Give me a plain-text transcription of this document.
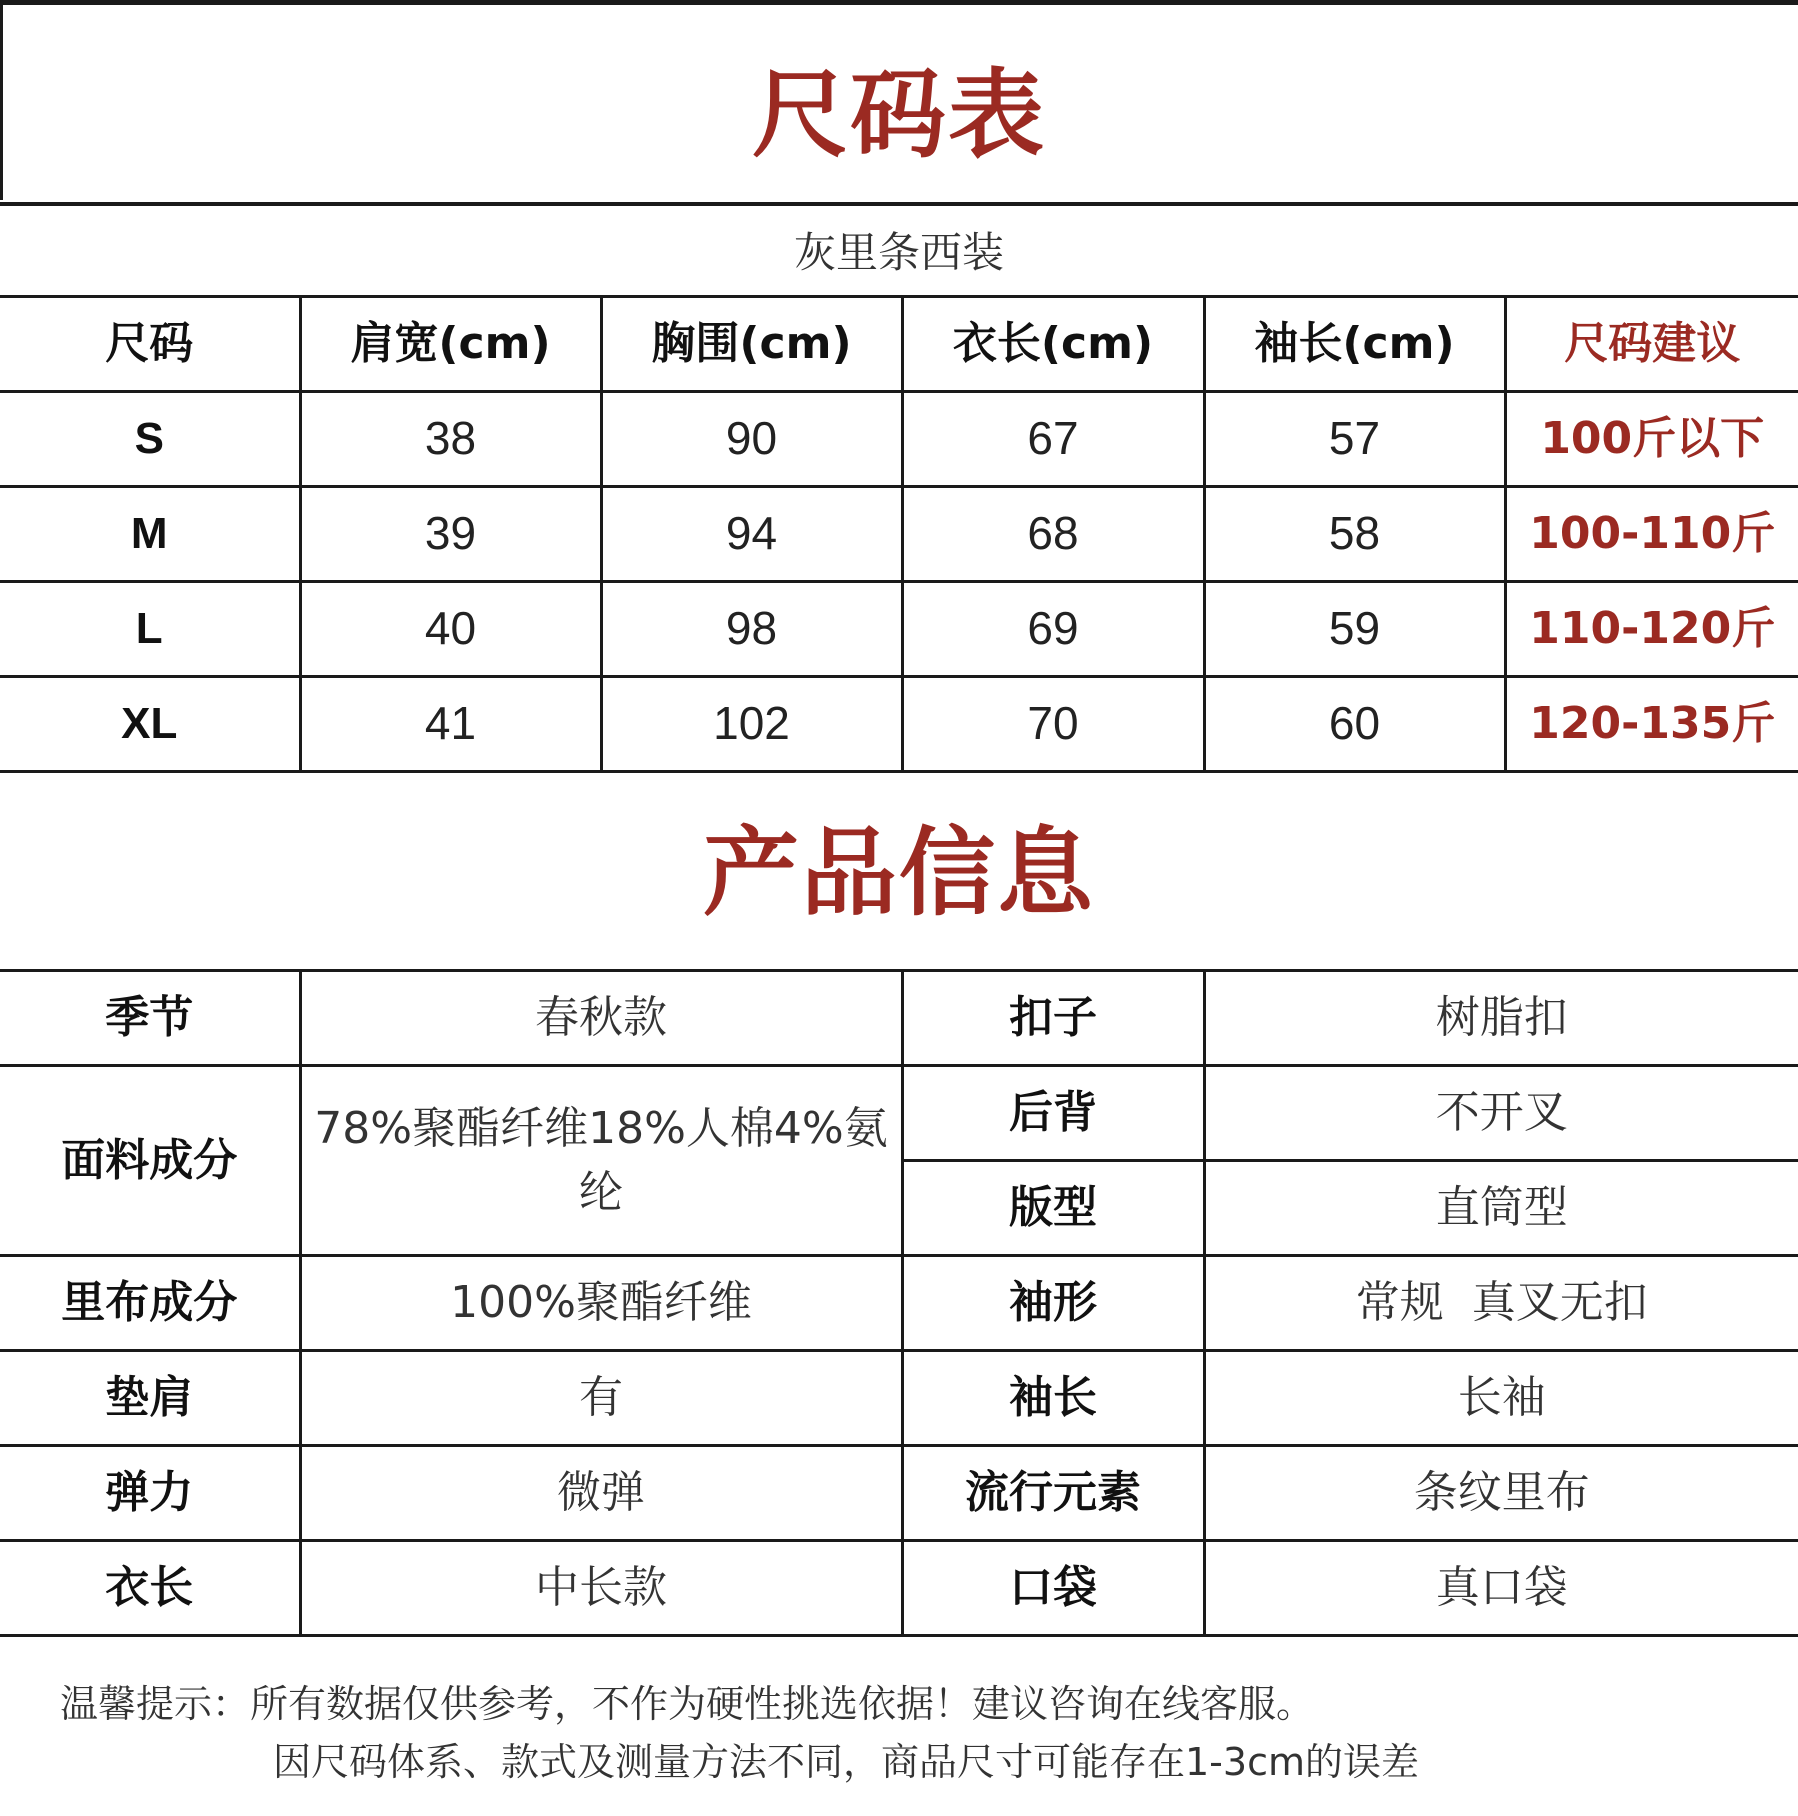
尺码表
灰里条西装
尺码	肩宽(cm)	胸围(cm)	衣长(cm)	袖长(cm)	尺码建议
S	38	90	67	57	100斤以下
M	39	94	68	58	100-110斤
L	40	98	69	59	110-120斤
XL	41	102	70	60	120-135斤
产品信息
季节	春秋款	扣子	树脂扣
面料成分	78%聚酯纤维18%人棉4%氨纶	后背	不开叉
		版型	直筒型
里布成分	100%聚酯纤维	袖形	常规  真叉无扣
垫肩	有	袖长	长袖
弹力	微弹	流行元素	条纹里布
衣长	中长款	口袋	真口袋
温馨提示：所有数据仅供参考，不作为硬性挑选依据！建议咨询在线客服。
因尺码体系、款式及测量方法不同，商品尺寸可能存在1-3cm的误差
